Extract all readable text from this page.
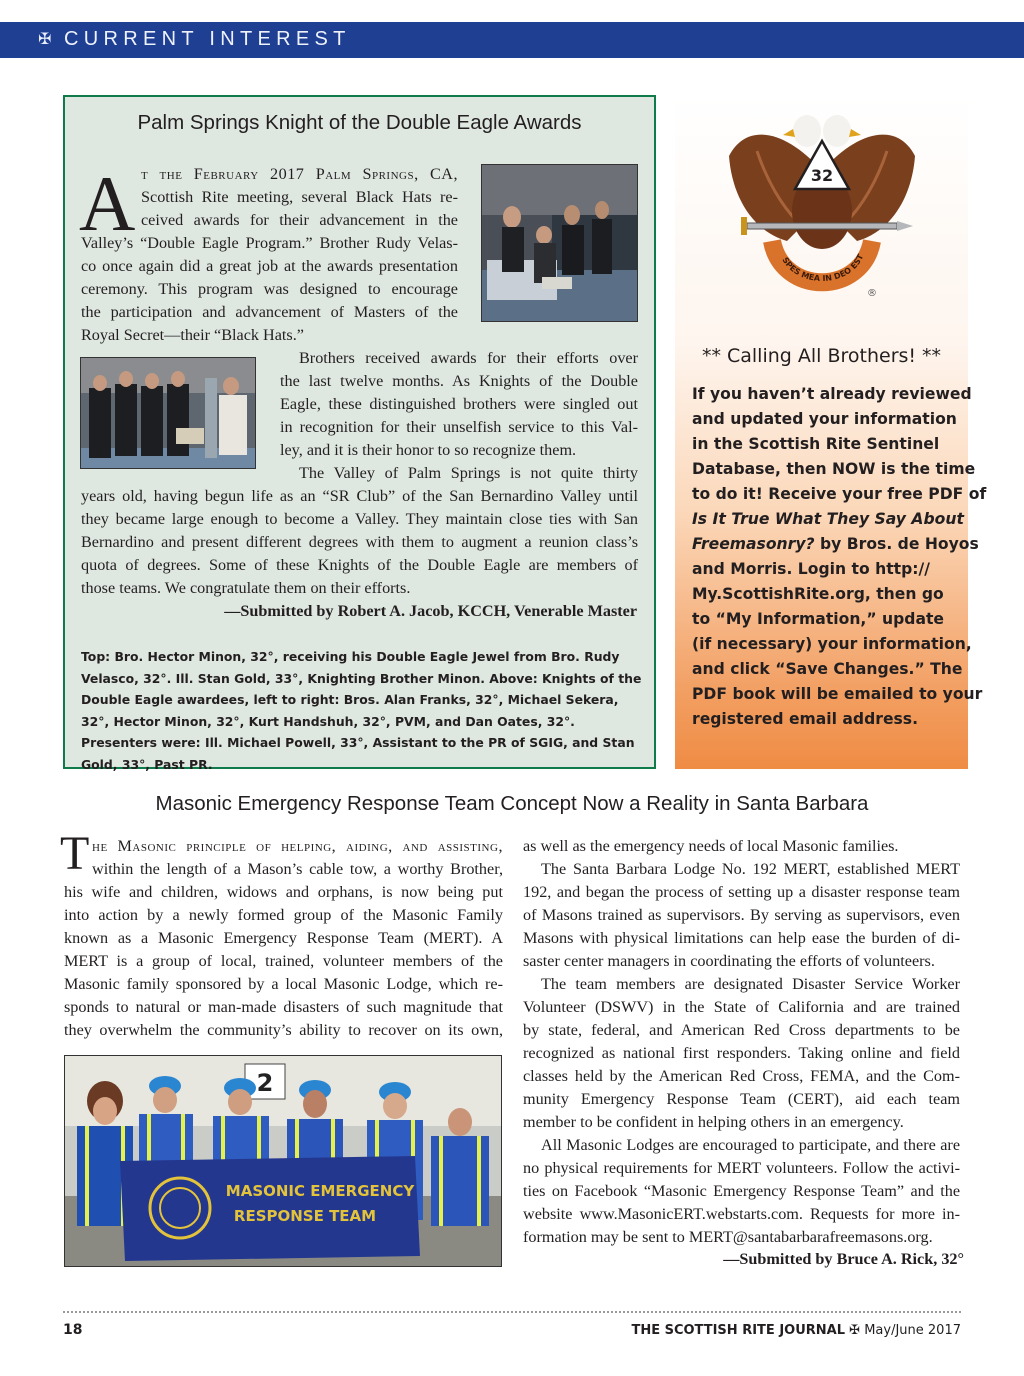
✠ CURRENT INTEREST
Palm Springs Knight of the Double Eagle Awards
A t the February 2017 Palm Springs, CA,
Scottish Rite meeting, several Black Hats re-
ceived awards for their advancement in the
Valley’s “Double Eagle Program.” Brother Rudy Velas-
co once again did a great job at the awards presentation
ceremony. This program was designed to encourage
the participation and advancement of Masters of the
Royal Secret—their “Black Hats.”
Brothers received awards for their efforts over
the last twelve months. As Knights of the Double
Eagle, these distinguished brothers were singled out
in recognition for their unselfish service to this Val-
ley, and it is their honor to so recognize them.
The Valley of Palm Springs is not quite thirty
years old, having begun life as an “SR Club” of the San Bernardino Valley until
they became large enough to become a Valley. They maintain close ties with San
Bernardino and present different degrees with them to augment a reunion class’s
quota of degrees. Some of these Knights of the Double Eagle are members of
those teams. We congratulate them on their efforts.
—Submitted by Robert A. Jacob, KCCH, Venerable Master
Top: Bro. Hector Minon, 32°, receiving his Double Eagle Jewel from Bro. Rudy Velasco, 32°. Ill. Stan Gold, 33°, Knighting Brother Minon. Above: Knights of the Double Eagle awardees, left to right: Bros. Alan Franks, 32°, Michael Sekera, 32°, Hector Minon, 32°, Kurt Handshuh, 32°, PVM, and Dan Oates, 32°. Presenters were: Ill. Michael Powell, 33°, Assistant to the PR of SGIG, and Stan Gold, 33°, Past PR.
32
SPES MEA IN DEO EST
®
** Calling All Brothers! **
If you haven’t already reviewed
and updated your information
in the Scottish Rite Sentinel
Database, then NOW is the time
to do it! Receive your free PDF of
Is It True What They Say About
Freemasonry? by Bros. de Hoyos
and Morris. Login to http://
My.ScottishRite.org, then go
to “My Information,” update
(if necessary) your information,
and click “Save Changes.” The
PDF book will be emailed to your
registered email address.
Masonic Emergency Response Team Concept Now a Reality in Santa Barbara
T he Masonic principle of helping, aiding, and assisting,
within the length of a Mason’s cable tow, a worthy Brother,
his wife and children, widows and orphans, is now being put
into action by a newly formed group of the Masonic Family
known as a Masonic Emergency Response Team (MERT). A
MERT is a group of local, trained, volunteer members of the
Masonic family sponsored by a local Masonic Lodge, which re-
sponds to natural or man-made disasters of such magnitude that
they overwhelm the community’s ability to recover on its own,
2
MASONIC EMERGENCY
RESPONSE TEAM
as well as the emergency needs of local Masonic families.
The Santa Barbara Lodge No. 192 MERT, established MERT
192, and began the process of setting up a disaster response team
of Masons trained as supervisors. By serving as supervisors, even
Masons with physical limitations can help ease the burden of di-
saster center managers in coordinating the efforts of volunteers.
The team members are designated Disaster Service Worker
Volunteer (DSWV) in the State of California and are trained
by state, federal, and American Red Cross departments to be
recognized as national first responders. Taking online and field
classes held by the American Red Cross, FEMA, and the Com-
munity Emergency Response Team (CERT), aid each team
member to be confident in helping others in an emergency.
All Masonic Lodges are encouraged to participate, and there are
no physical requirements for MERT volunteers. Follow the activi-
ties on Facebook “Masonic Emergency Response Team” and the
website www.MasonicERT.webstarts.com. Requests for more in-
formation may be sent to MERT@santabarbarafreemasons.org.
—Submitted by Bruce A. Rick, 32°
18	THE SCOTTISH RITE JOURNAL ✠ May/June 2017
